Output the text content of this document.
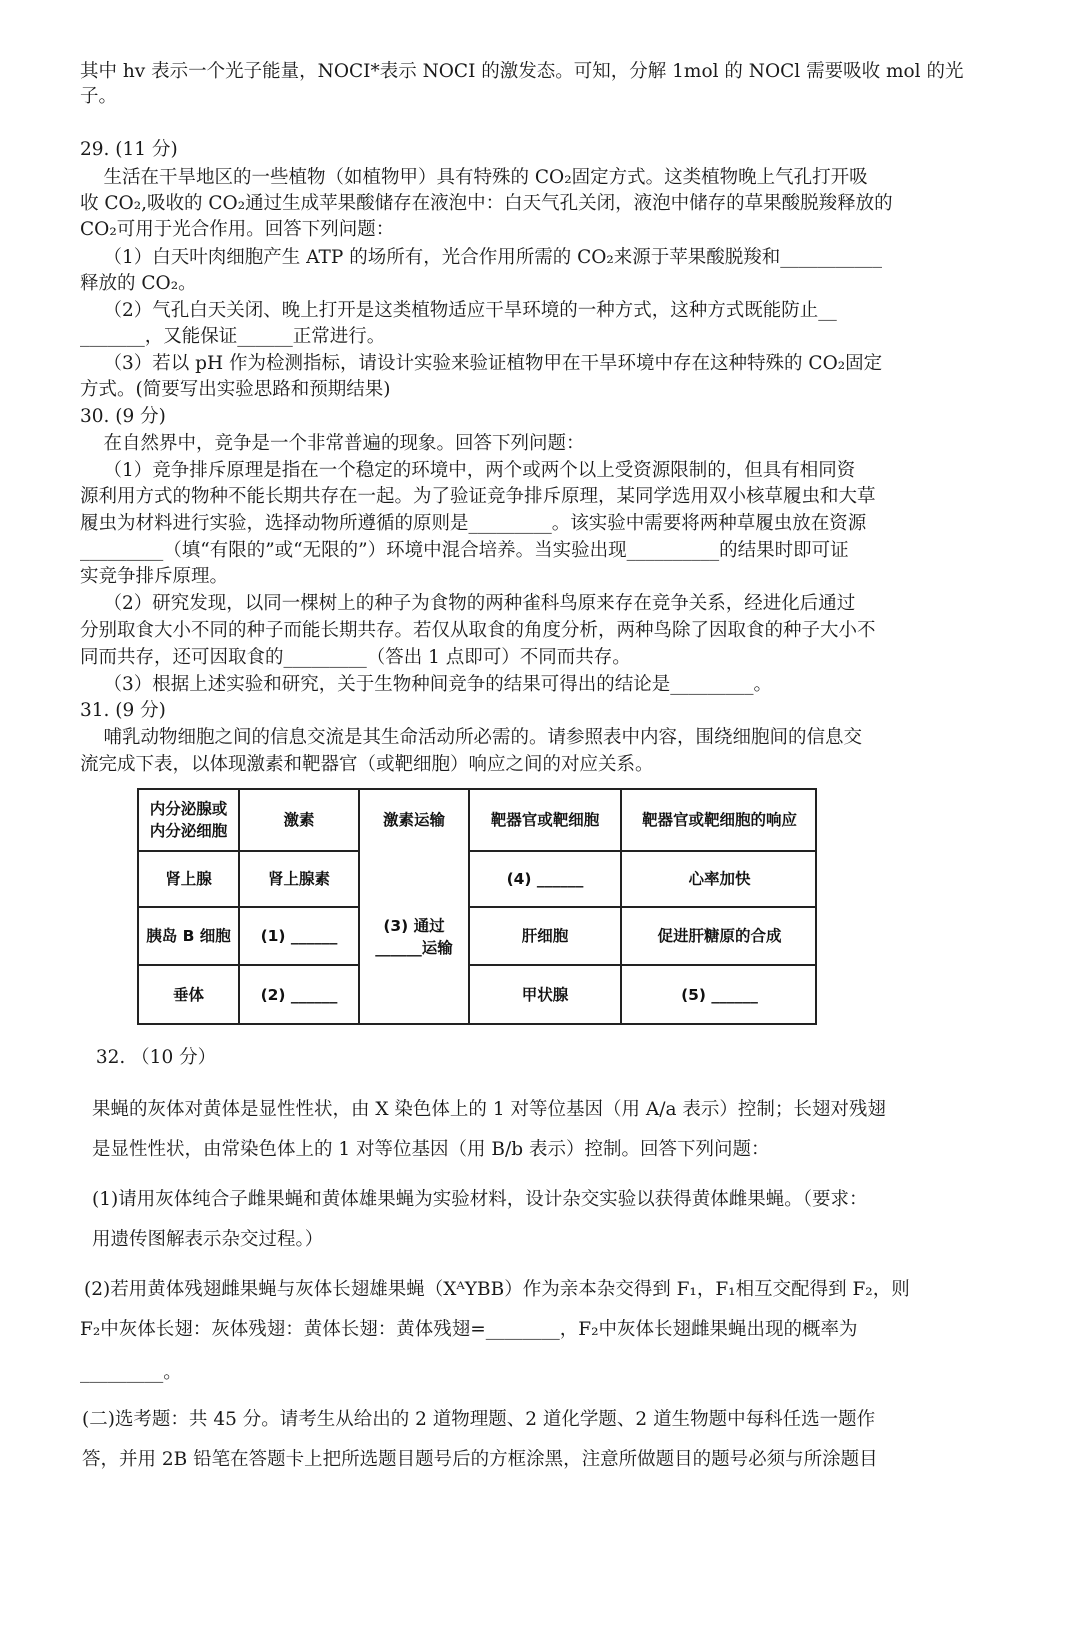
其中 hv 表示一个光子能量，NOCI*表示 NOCI 的激发态。可知，分解 1mol 的 NOCl 需要吸收 mol 的光
子。
29. (11 分)
生活在干旱地区的一些植物（如植物甲）具有特殊的 CO₂固定方式。这类植物晚上气孔打开吸
收 CO₂,吸收的 CO₂通过生成苹果酸储存在液泡中：白天气孔关闭，液泡中储存的草果酸脱羧释放的
CO₂可用于光合作用。回答下列问题：
（1）白天叶肉细胞产生 ATP 的场所有，光合作用所需的 CO₂来源于苹果酸脱羧和___________
释放的 CO₂。
（2）气孔白天关闭、晚上打开是这类植物适应干旱环境的一种方式，这种方式既能防止__
_______，又能保证______正常进行。
（3）若以 pH 作为检测指标，请设计实验来验证植物甲在干旱环境中存在这种特殊的 CO₂固定
方式。(简要写出实验思路和预期结果)
30. (9 分)
在自然界中，竞争是一个非常普遍的现象。回答下列问题：
（1）竞争排斥原理是指在一个稳定的环境中，两个或两个以上受资源限制的，但具有相同资
源利用方式的物种不能长期共存在一起。为了验证竞争排斥原理，某同学选用双小核草履虫和大草
履虫为材料进行实验，选择动物所遵循的原则是_________。该实验中需要将两种草履虫放在资源
_________（填“有限的”或“无限的”）环境中混合培养。当实验出现__________的结果时即可证
实竞争排斥原理。
（2）研究发现，以同一棵树上的种子为食物的两种雀科鸟原来存在竞争关系，经进化后通过
分别取食大小不同的种子而能长期共存。若仅从取食的角度分析，两种鸟除了因取食的种子大小不
同而共存，还可因取食的_________（答出 1 点即可）不同而共存。
（3）根据上述实验和研究，关于生物种间竞争的结果可得出的结论是_________。
31. (9 分)
哺乳动物细胞之间的信息交流是其生命活动所必需的。请参照表中内容，围绕细胞间的信息交
流完成下表，以体现激素和靶器官（或靶细胞）响应之间的对应关系。
32. （10 分）
果蝇的灰体对黄体是显性性状，由 X 染色体上的 1 对等位基因（用 A/a 表示）控制；长翅对残翅
是显性性状，由常染色体上的 1 对等位基因（用 B/b 表示）控制。回答下列问题：
(1)请用灰体纯合子雌果蝇和黄体雄果蝇为实验材料，设计杂交实验以获得黄体雌果蝇。（要求：
用遗传图解表示杂交过程。）
(2)若用黄体残翅雌果蝇与灰体长翅雄果蝇（XᴬYBB）作为亲本杂交得到 F₁，F₁相互交配得到 F₂，则
F₂中灰体长翅：灰体残翅：黄体长翅：黄体残翅=________，F₂中灰体长翅雌果蝇出现的概率为
_________。
(二)选考题：共 45 分。请考生从给出的 2 道物理题、2 道化学题、2 道生物题中每科任选一题作
答，并用 2B 铅笔在答题卡上把所选题目题号后的方框涂黑，注意所做题目的题号必须与所涂题目
内分泌腺或
内分泌细胞
激素	激素运输	靶器官或靶细胞	靶器官或靶细胞的响应
(3) 通过
______运输
肾上腺	肾上腺素	(4) ______	心率加快
胰岛 B 细胞	(1) ______	肝细胞	促进肝糖原的合成
垂体	(2) ______	甲状腺	(5) ______
